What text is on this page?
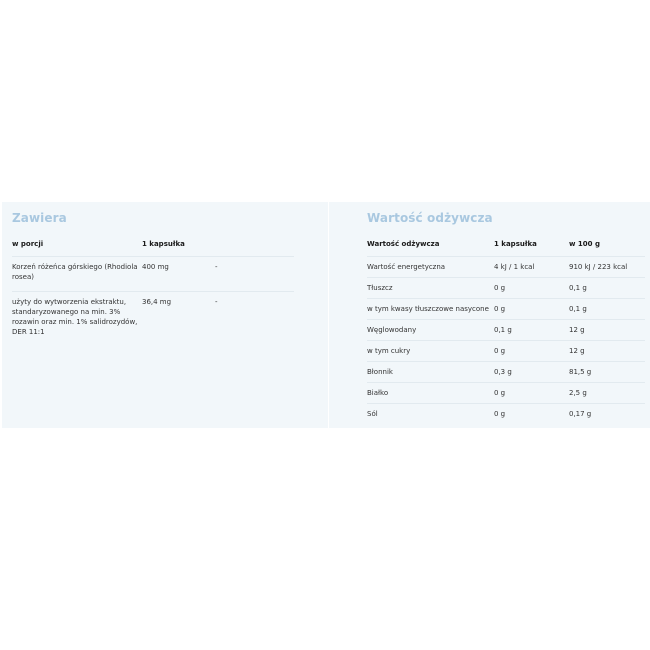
Zawiera
w porcji	1 kapsułka	
Korzeń różeńca górskiego (Rhodiola rosea)	400 mg	-
użyty do wytworzenia ekstraktu, standaryzowanego na min. 3% rozawin oraz min. 1% salidrozydów, DER 11:1	36,4 mg	-
Wartość odżywcza
Wartość odżywcza	1 kapsułka	w 100 g
Wartość energetyczna	4 kJ / 1 kcal	910 kJ / 223 kcal
Tłuszcz	0 g	0,1 g
w tym kwasy tłuszczowe nasycone	0 g	0,1 g
Węglowodany	0,1 g	12 g
w tym cukry	0 g	12 g
Błonnik	0,3 g	81,5 g
Białko	0 g	2,5 g
Sól	0 g	0,17 g
